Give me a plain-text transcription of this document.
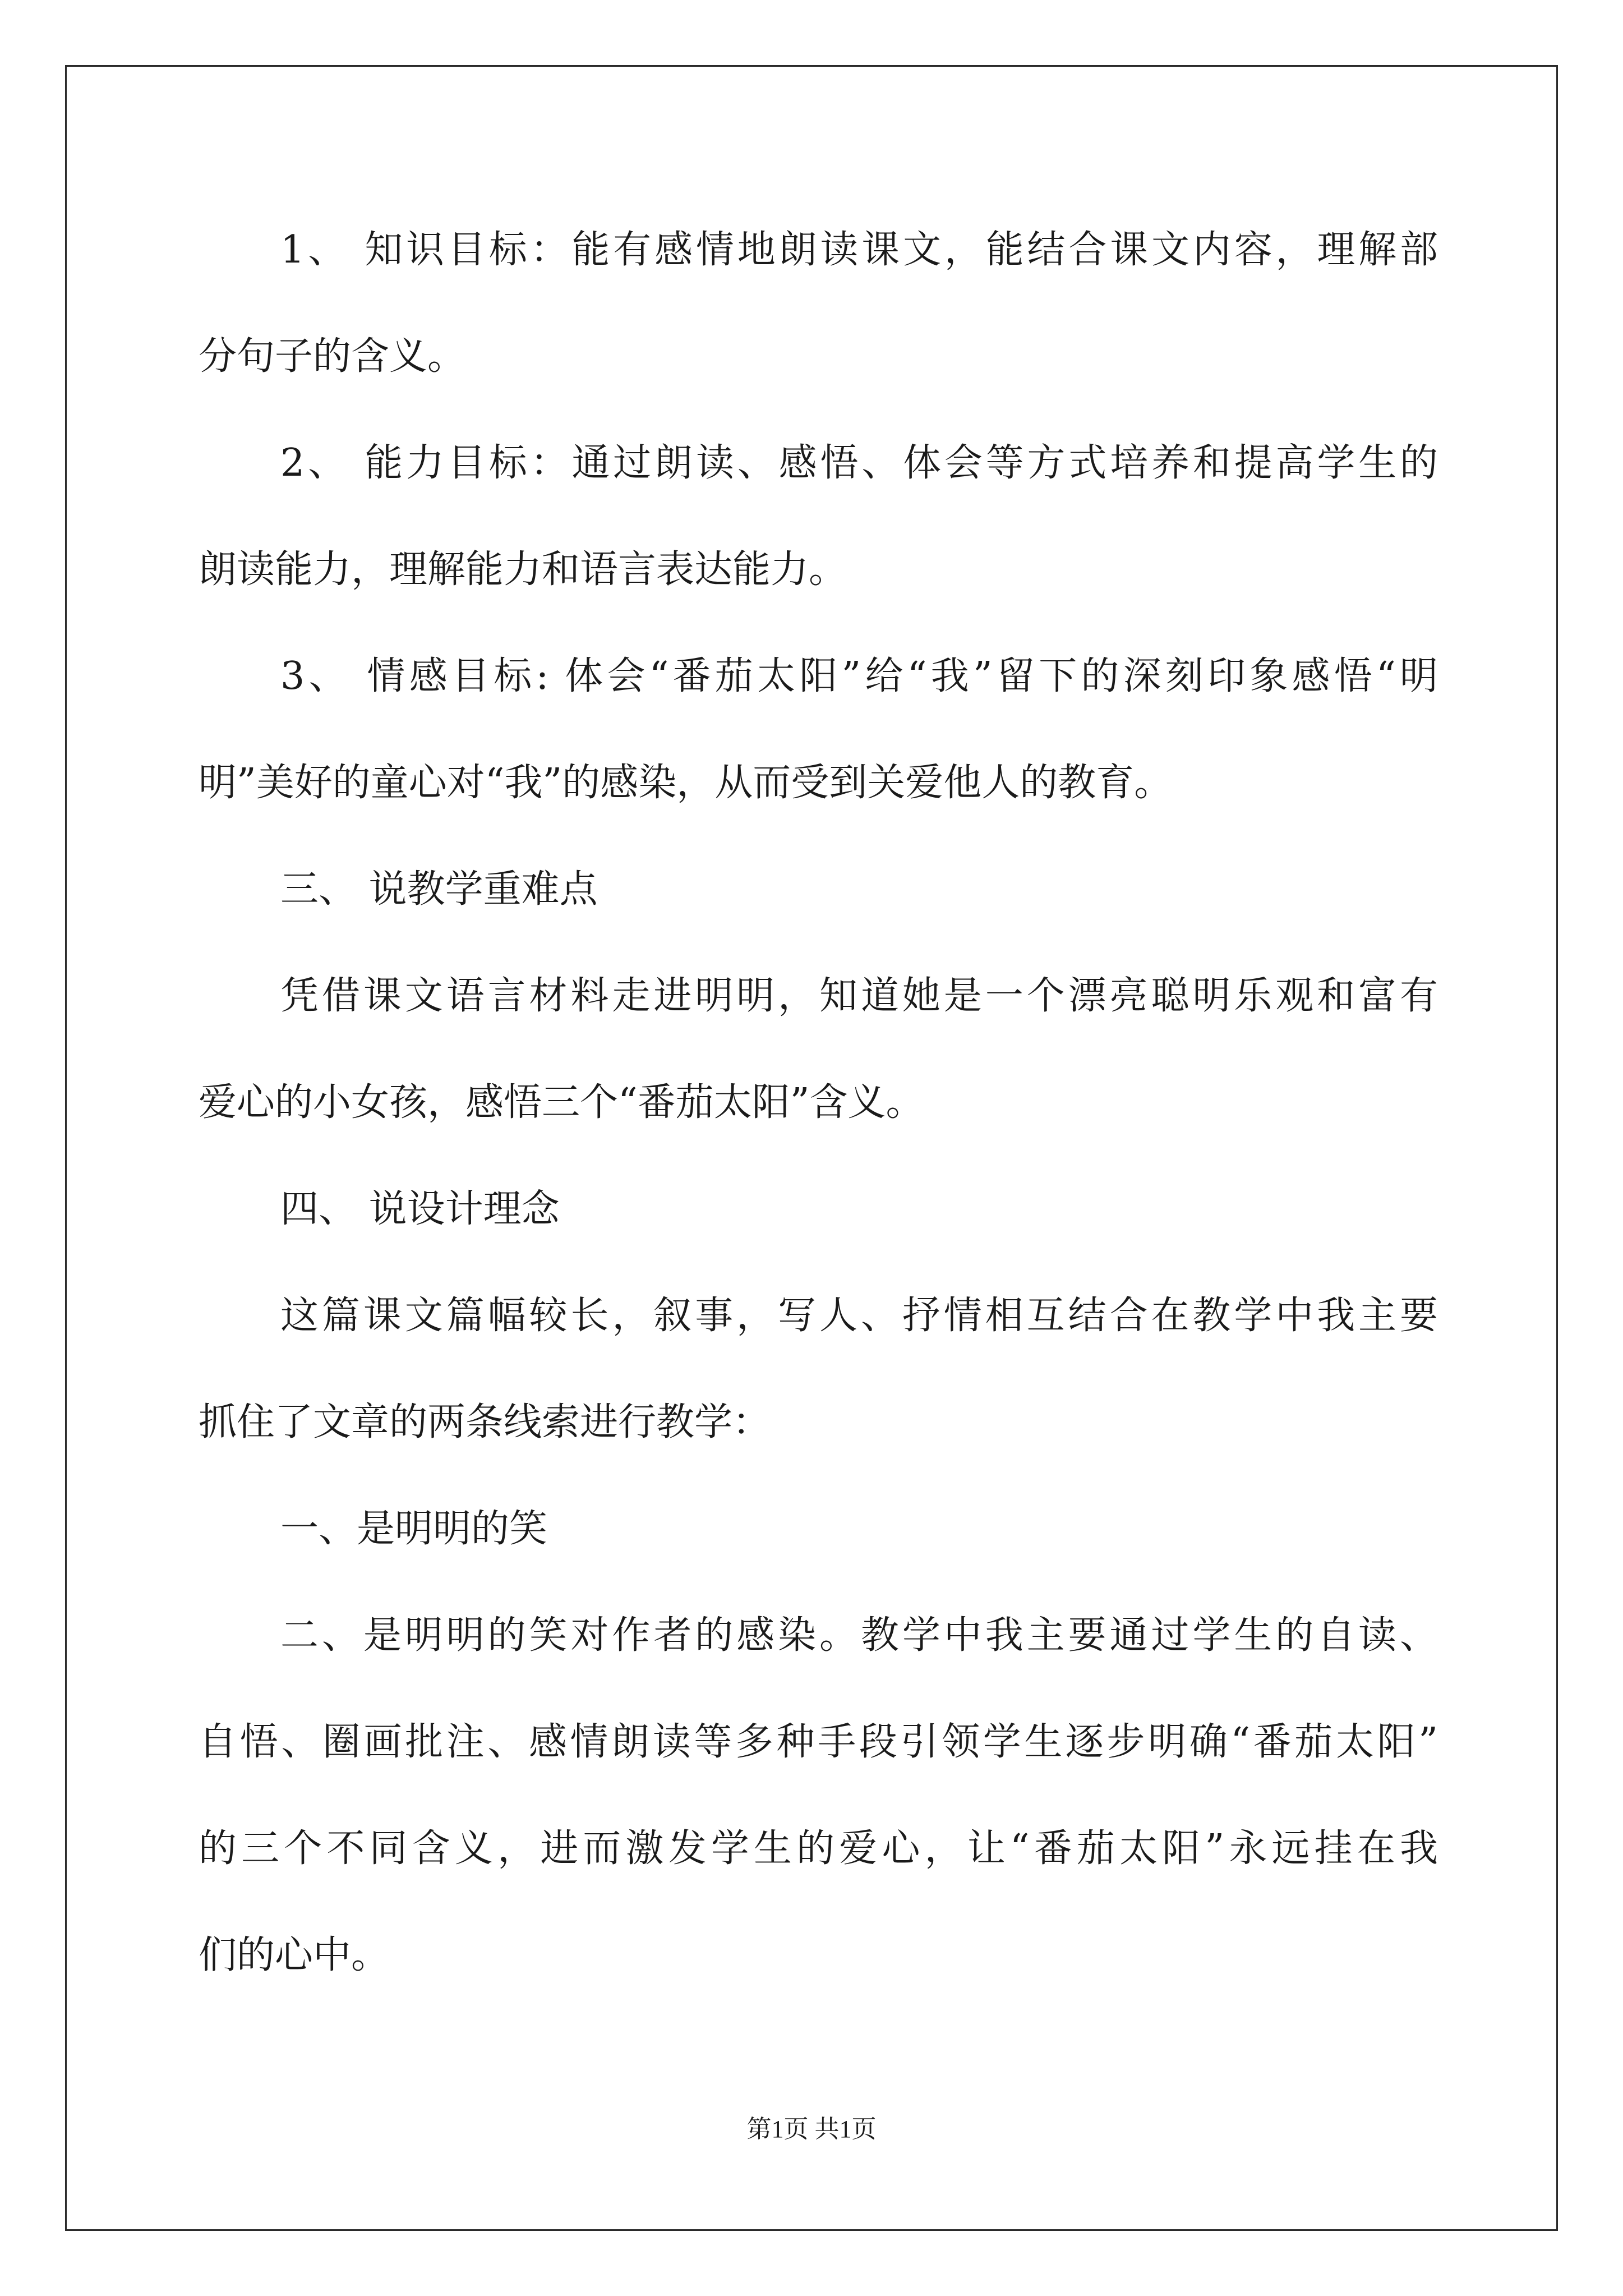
1、 知识目标：能有感情地朗读课文，能结合课文内容，理解部
分句子的含义。
2、 能力目标：通过朗读、感悟、体会等方式培养和提高学生的
朗读能力，理解能力和语言表达能力。
3、 情感目标: 体会“番茄太阳”给“我”留下的深刻印象感悟“明
明”美好的童心对“我”的感染，从而受到关爱他人的教育。
三、 说教学重难点
凭借课文语言材料走进明明，知道她是一个漂亮聪明乐观和富有
爱心的小女孩，感悟三个“番茄太阳”含义。
四、 说设计理念
这篇课文篇幅较长，叙事，写人、抒情相互结合在教学中我主要
抓住了文章的两条线索进行教学：
一、是明明的笑
二、是明明的笑对作者的感染。教学中我主要通过学生的自读、
自悟、圈画批注、感情朗读等多种手段引领学生逐步明确“番茄太阳”
的三个不同含义，进而激发学生的爱心，让“番茄太阳”永远挂在我
们的心中。
第1页 共1页
